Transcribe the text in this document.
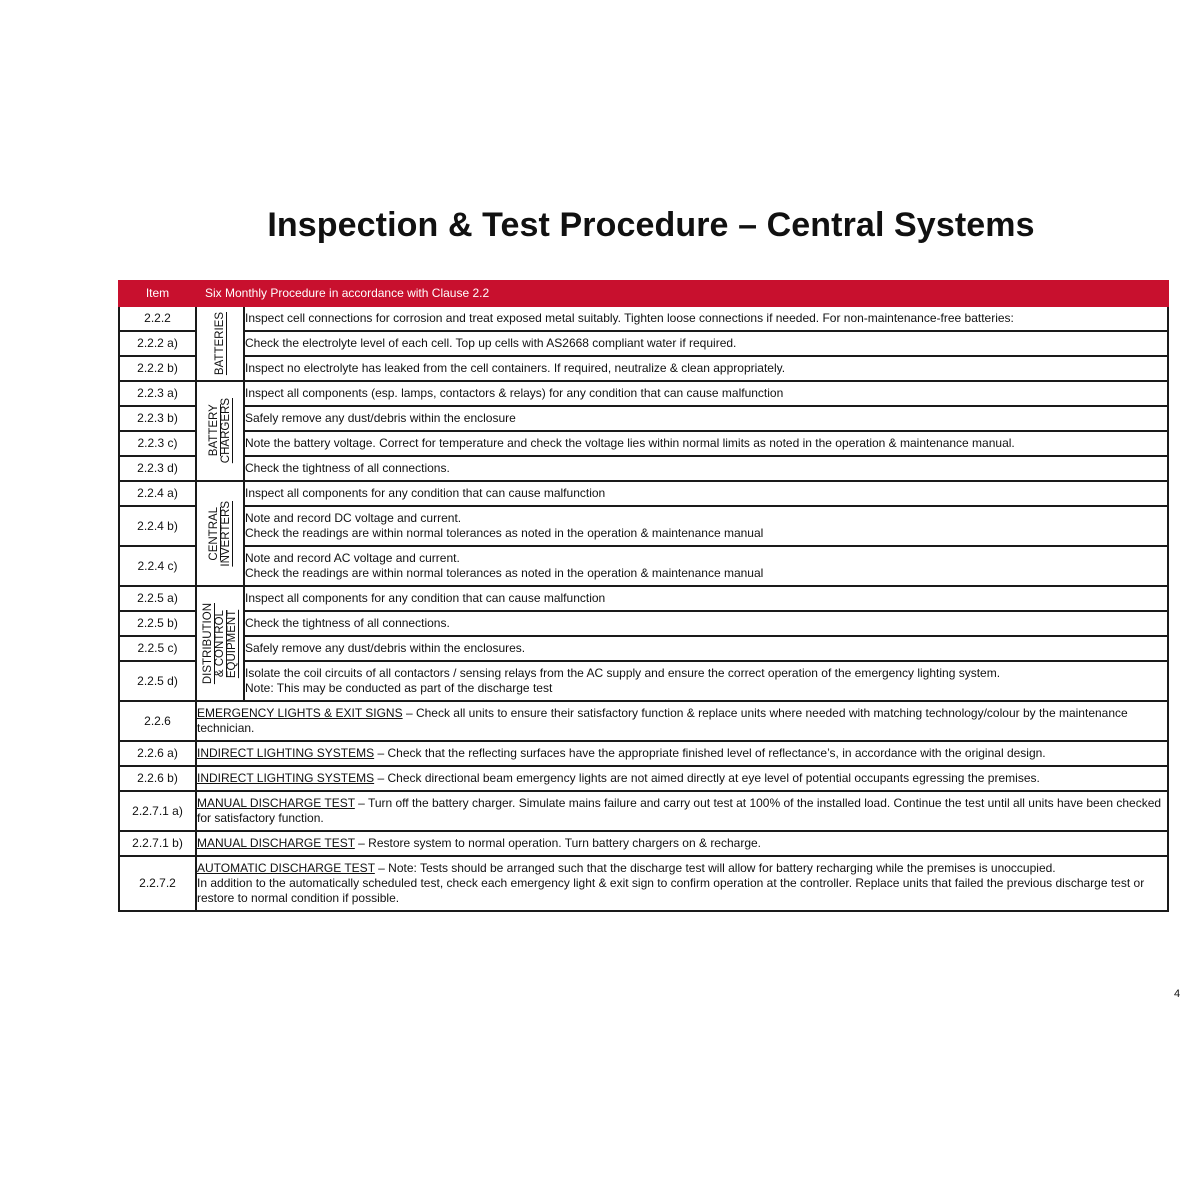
Inspection & Test Procedure – Central Systems
Item	Six Monthly Procedure in accordance with Clause 2.2	
2.2.2	BATTERIES	Inspect cell connections for corrosion and treat exposed metal suitably. Tighten loose connections if needed. For non-maintenance-free batteries:

2.2.2 a)		Check the electrolyte level of each cell. Top up cells with AS2668 compliant water if required.

2.2.2 b)		Inspect no electrolyte has leaked from the cell containers. If required, neutralize & clean appropriately.

2.2.3 a)	BATTERY
CHARGERS	Inspect all components (esp. lamps, contactors & relays) for any condition that can cause malfunction

2.2.3 b)		Safely remove any dust/debris within the enclosure

2.2.3 c)		Note the battery voltage. Correct for temperature and check the voltage lies within normal limits as noted in the operation & maintenance manual.

2.2.3 d)		Check the tightness of all connections.

2.2.4 a)	CENTRAL
INVERTERS	Inspect all components for any condition that can cause malfunction

2.2.4 b)		Note and record DC voltage and current.
Check the readings are within normal tolerances as noted in the operation & maintenance manual

2.2.4 c)		Note and record AC voltage and current.
Check the readings are within normal tolerances as noted in the operation & maintenance manual

2.2.5 a)	DISTRIBUTION
& CONTROL
EQUIPMENT	Inspect all components for any condition that can cause malfunction

2.2.5 b)		Check the tightness of all connections.

2.2.5 c)		Safely remove any dust/debris within the enclosures.

2.2.5 d)		Isolate the coil circuits of all contactors / sensing relays from the AC supply and ensure the correct operation of the emergency lighting system.
Note: This may be conducted as part of the discharge test

2.2.6	EMERGENCY LIGHTS & EXIT SIGNS – Check all units to ensure their satisfactory function & replace units where needed with matching technology/colour by the maintenance technician.	
2.2.6 a)	INDIRECT LIGHTING SYSTEMS – Check that the reflecting surfaces have the appropriate finished level of reflectance’s, in accordance with the original design.	
2.2.6 b)	INDIRECT LIGHTING SYSTEMS – Check directional beam emergency lights are not aimed directly at eye level of potential occupants egressing the premises.	
2.2.7.1 a)	MANUAL DISCHARGE TEST – Turn off the battery charger. Simulate mains failure and carry out test at 100% of the installed load. Continue the test until all units have been checked for satisfactory function.	
2.2.7.1 b)	MANUAL DISCHARGE TEST – Restore system to normal operation. Turn battery chargers on & recharge.	
2.2.7.2	AUTOMATIC DISCHARGE TEST – Note: Tests should be arranged such that the discharge test will allow for battery recharging while the premises is unoccupied.
In addition to the automatically scheduled test, check each emergency light & exit sign to confirm operation at the controller. Replace units that failed the previous discharge test or restore to normal condition if possible.	
4
